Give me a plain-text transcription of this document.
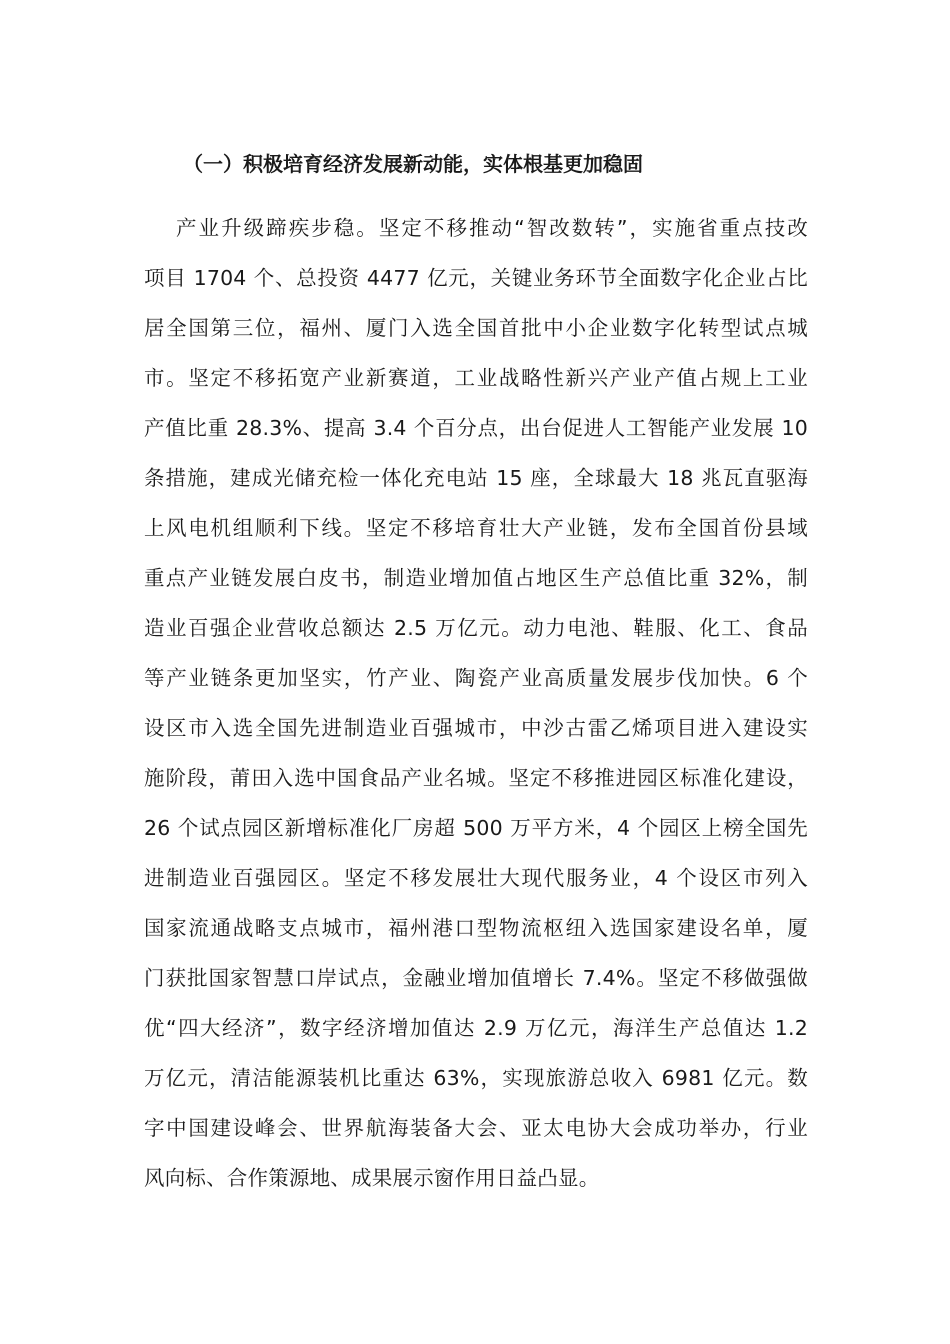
（一）积极培育经济发展新动能，实体根基更加稳固
产业升级蹄疾步稳。坚定不移推动“智改数转”，实施省重点技改
项目 1704 个、总投资 4477 亿元，关键业务环节全面数字化企业占比
居全国第三位，福州、厦门入选全国首批中小企业数字化转型试点城
市。坚定不移拓宽产业新赛道，工业战略性新兴产业产值占规上工业
产值比重 28.3%、提高 3.4 个百分点，出台促进人工智能产业发展 10
条措施，建成光储充检一体化充电站 15 座，全球最大 18 兆瓦直驱海
上风电机组顺利下线。坚定不移培育壮大产业链，发布全国首份县域
重点产业链发展白皮书，制造业增加值占地区生产总值比重 32%，制
造业百强企业营收总额达 2.5 万亿元。动力电池、鞋服、化工、食品
等产业链条更加坚实，竹产业、陶瓷产业高质量发展步伐加快。6 个
设区市入选全国先进制造业百强城市，中沙古雷乙烯项目进入建设实
施阶段，莆田入选中国食品产业名城。坚定不移推进园区标准化建设，
26 个试点园区新增标准化厂房超 500 万平方米，4 个园区上榜全国先
进制造业百强园区。坚定不移发展壮大现代服务业，4 个设区市列入
国家流通战略支点城市，福州港口型物流枢纽入选国家建设名单，厦
门获批国家智慧口岸试点，金融业增加值增长 7.4%。坚定不移做强做
优“四大经济”，数字经济增加值达 2.9 万亿元，海洋生产总值达 1.2
万亿元，清洁能源装机比重达 63%，实现旅游总收入 6981 亿元。数
字中国建设峰会、世界航海装备大会、亚太电协大会成功举办，行业
风向标、合作策源地、成果展示窗作用日益凸显。
